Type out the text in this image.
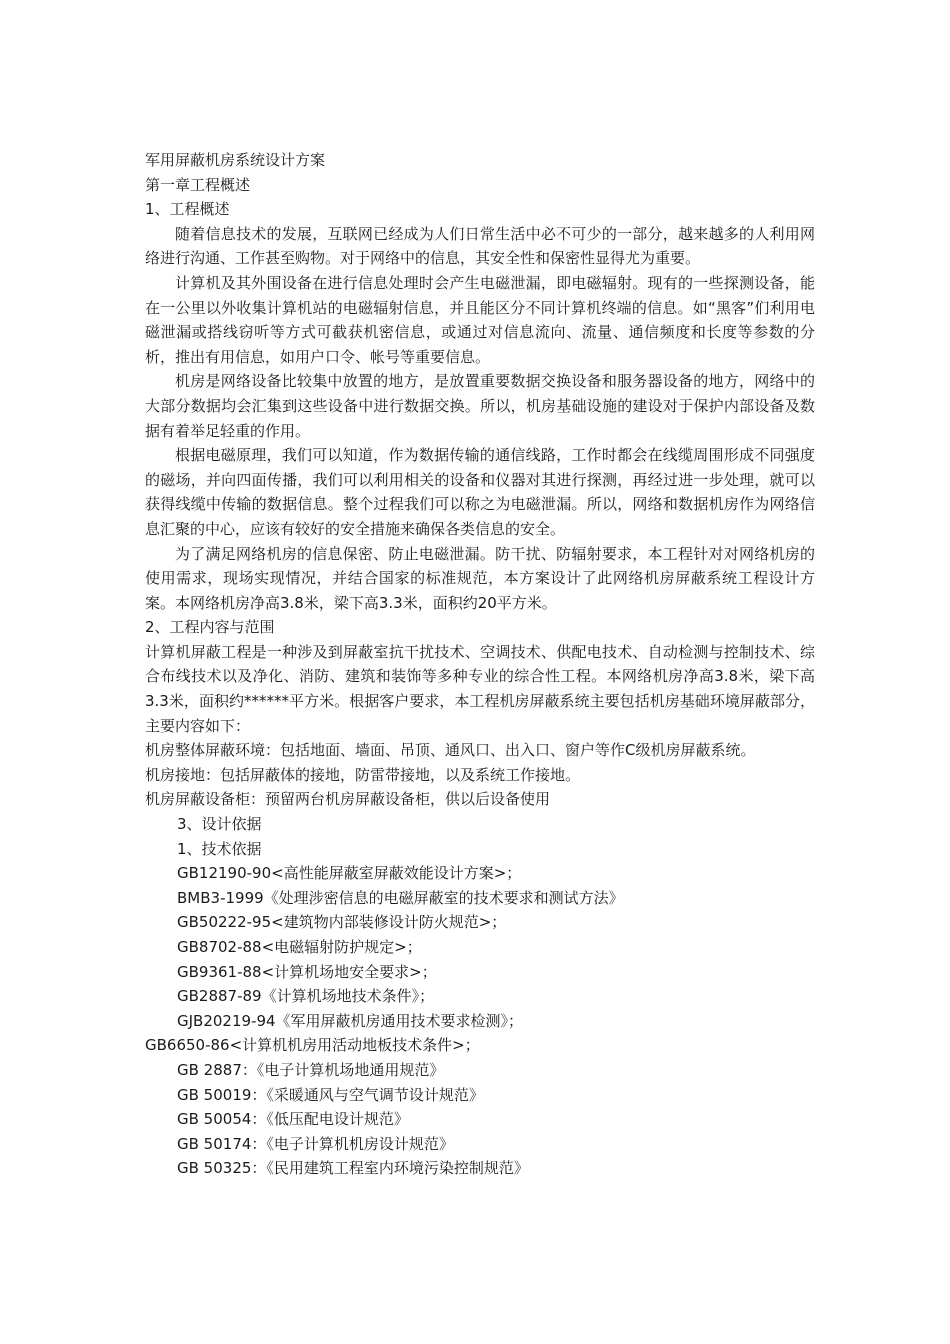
军用屏蔽机房系统设计方案
第一章工程概述
1、工程概述
随着信息技术的发展，互联网已经成为人们日常生活中必不可少的一部分，越来越多的人利用网络进行沟通、工作甚至购物。对于网络中的信息，其安全性和保密性显得尤为重要。
计算机及其外围设备在进行信息处理时会产生电磁泄漏，即电磁辐射。现有的一些探测设备，能在一公里以外收集计算机站的电磁辐射信息，并且能区分不同计算机终端的信息。如“黑客”们利用电磁泄漏或搭线窃听等方式可截获机密信息，或通过对信息流向、流量、通信频度和长度等参数的分析，推出有用信息，如用户口令、帐号等重要信息。
机房是网络设备比较集中放置的地方，是放置重要数据交换设备和服务器设备的地方，网络中的大部分数据均会汇集到这些设备中进行数据交换。所以，机房基础设施的建设对于保护内部设备及数据有着举足轻重的作用。
根据电磁原理，我们可以知道，作为数据传输的通信线路，工作时都会在线缆周围形成不同强度的磁场，并向四面传播，我们可以利用相关的设备和仪器对其进行探测，再经过进一步处理，就可以获得线缆中传输的数据信息。整个过程我们可以称之为电磁泄漏。所以，网络和数据机房作为网络信息汇聚的中心，应该有较好的安全措施来确保各类信息的安全。
为了满足网络机房的信息保密、防止电磁泄漏。防干扰、防辐射要求，本工程针对对网络机房的使用需求，现场实现情况，并结合国家的标准规范，本方案设计了此网络机房屏蔽系统工程设计方案。本网络机房净高3.8米，梁下高3.3米，面积约20平方米。
2、工程内容与范围
计算机屏蔽工程是一种涉及到屏蔽室抗干扰技术、空调技术、供配电技术、自动检测与控制技术、综合布线技术以及净化、消防、建筑和装饰等多种专业的综合性工程。本网络机房净高3.8米，梁下高3.3米，面积约******平方米。根据客户要求，本工程机房屏蔽系统主要包括机房基础环境屏蔽部分，主要内容如下：
机房整体屏蔽环境：包括地面、墙面、吊顶、通风口、出入口、窗户等作C级机房屏蔽系统。
机房接地：包括屏蔽体的接地，防雷带接地，以及系统工作接地。
机房屏蔽设备柜：预留两台机房屏蔽设备柜，供以后设备使用
3、设计依据
1、技术依据
GB12190-90<高性能屏蔽室屏蔽效能设计方案>；
BMB3-1999《处理涉密信息的电磁屏蔽室的技术要求和测试方法》
GB50222-95<建筑物内部装修设计防火规范>；
GB8702-88<电磁辐射防护规定>；
GB9361-88<计算机场地安全要求>；
GB2887-89《计算机场地技术条件》；
GJB20219-94《军用屏蔽机房通用技术要求检测》；
GB6650-86<计算机机房用活动地板技术条件>；
GB 2887：《电子计算机场地通用规范》
GB 50019：《采暖通风与空气调节设计规范》
GB 50054：《低压配电设计规范》
GB 50174：《电子计算机机房设计规范》
GB 50325：《民用建筑工程室内环境污染控制规范》
